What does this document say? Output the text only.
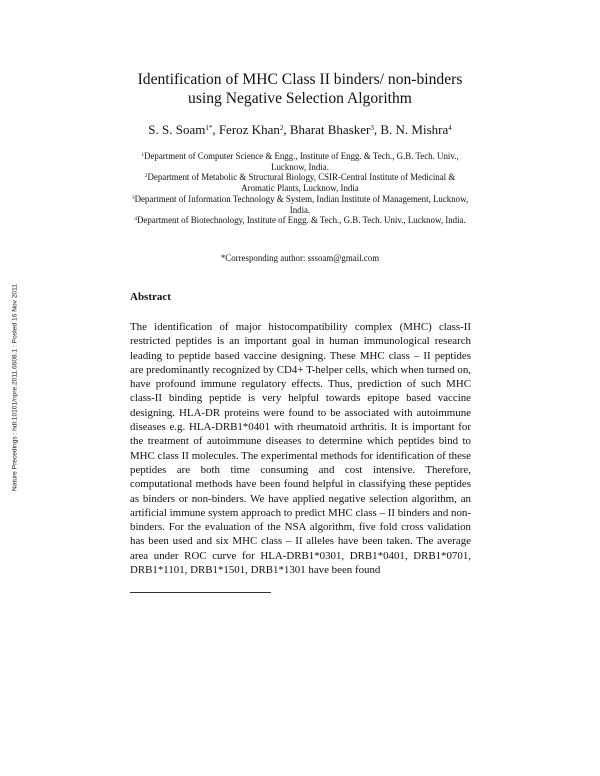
Nature Precedings : hdl:10101/npre.2011.6608.1 : Posted 16 Nov 2011
Identification of MHC Class II binders/ non-binders
using Negative Selection Algorithm
S. S. Soam$^{1*}$, Feroz Khan$^2$, Bharat Bhasker$^3$, B. N. Mishra$^4$
$^1$Department of Computer Science & Engg., Institute of Engg. & Tech., G.B. Tech. Univ., Lucknow, India.
$^2$Department of Metabolic & Structural Biology, CSIR-Central Institute of Medicinal & Aromatic Plants, Lucknow, India
$^3$Department of Information Technology & System, Indian Institute of Management, Lucknow, India.
$^4$Department of Biotechnology, Institute of Engg. & Tech., G.B. Tech. Univ., Lucknow, India.
*Corresponding author: sssoam@gmail.com
Abstract

The identification of major histocompatibility complex (MHC) class-II restricted peptides is an important goal in human immunological research leading to peptide based vaccine designing. These MHC class – II peptides are predominantly recognized by CD4+ T-helper cells, which when turned on, have profound immune regulatory effects. Thus, prediction of such MHC class-II binding peptide is very helpful towards epitope based vaccine designing. HLA-DR proteins were found to be associated with autoimmune diseases e.g. HLA-DRB1*0401 with rheumatoid arthritis. It is important for the treatment of autoimmune diseases to determine which peptides bind to MHC class II molecules. The experimental methods for identification of these peptides are both time consuming and cost intensive. Therefore, computational methods have been found helpful in classifying these peptides as binders or non-binders. We have applied negative selection algorithm, an artificial immune system approach to predict MHC class – II binders and non-binders. For the evaluation of the NSA algorithm, five fold cross validation has been used and six MHC class – II alleles have been taken. The average area under ROC curve for HLA-DRB1*0301, DRB1*0401, DRB1*0701, DRB1*1101, DRB1*1501, DRB1*1301 have been found
